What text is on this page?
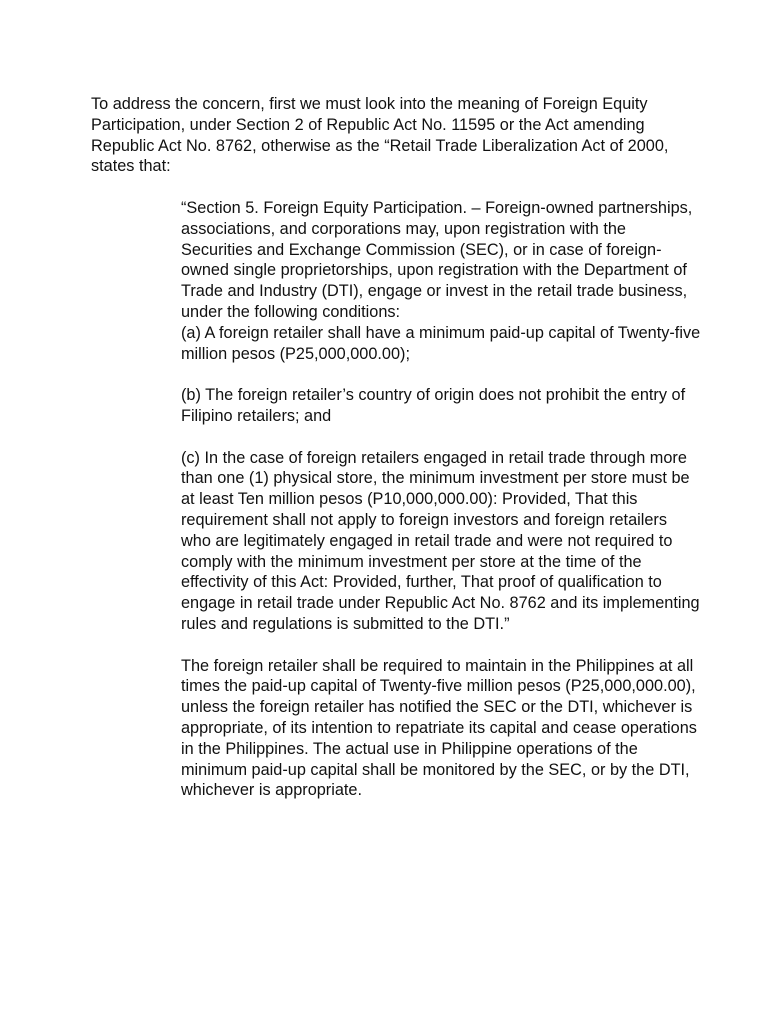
To address the concern, first we must look into the meaning of Foreign Equity Participation, under Section 2 of Republic Act No. 11595 or the Act amending Republic Act No. 8762, otherwise as the “Retail Trade Liberalization Act of 2000, states that:

“Section 5. Foreign Equity Participation. – Foreign-owned partnerships, associations, and corporations may, upon registration with the Securities and Exchange Commission (SEC), or in case of foreign-owned single proprietorships, upon registration with the Department of Trade and Industry (DTI), engage or invest in the retail trade business, under the following conditions:

(a) A foreign retailer shall have a minimum paid-up capital of Twenty-five million pesos (P25,000,000.00);

(b) The foreign retailer’s country of origin does not prohibit the entry of Filipino retailers; and

(c) In the case of foreign retailers engaged in retail trade through more than one (1) physical store, the minimum investment per store must be at least Ten million pesos (P10,000,000.00): Provided, That this requirement shall not apply to foreign investors and foreign retailers who are legitimately engaged in retail trade and were not required to comply with the minimum investment per store at the time of the effectivity of this Act: Provided, further, That proof of qualification to engage in retail trade under Republic Act No. 8762 and its implementing rules and regulations is submitted to the DTI.”

The foreign retailer shall be required to maintain in the Philippines at all times the paid-up capital of Twenty-five million pesos (P25,000,000.00), unless the foreign retailer has notified the SEC or the DTI, whichever is appropriate, of its intention to repatriate its capital and cease operations in the Philippines. The actual use in Philippine operations of the minimum paid-up capital shall be monitored by the SEC, or by the DTI, whichever is appropriate.
